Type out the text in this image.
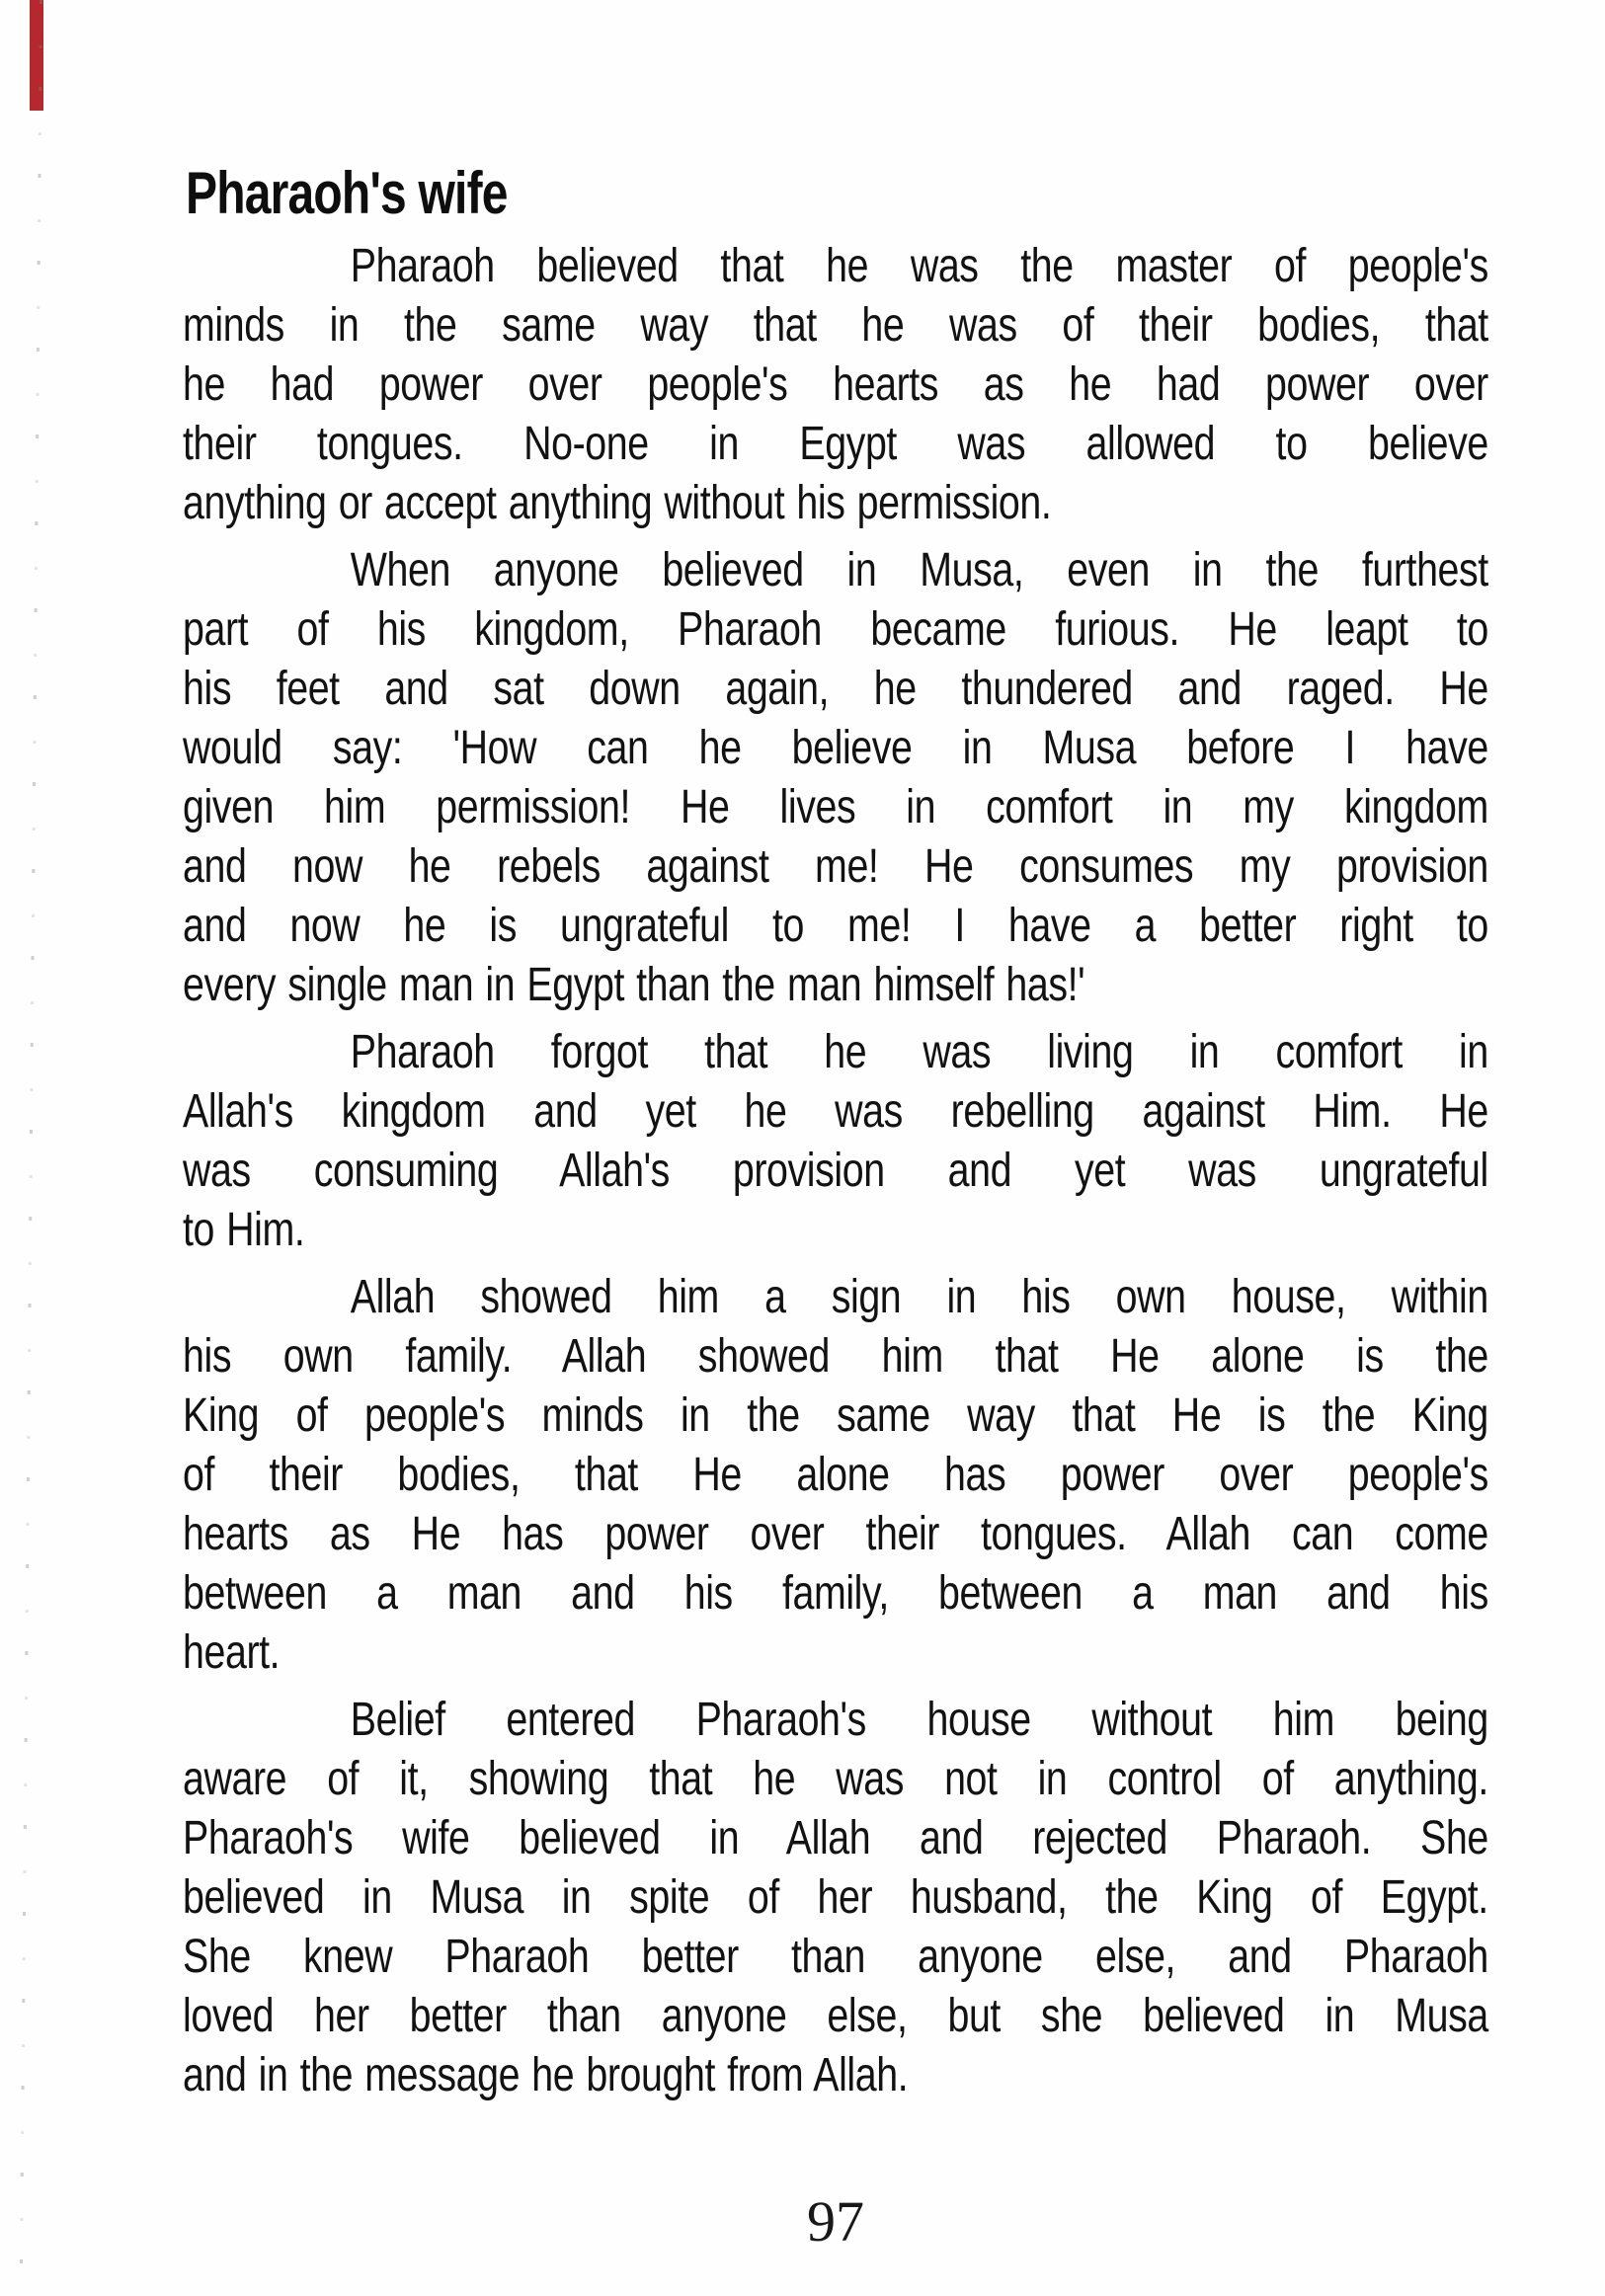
Pharaoh's wife
Pharaoh believed that he was the master of people's
minds in the same way that he was of their bodies, that
he had power over people's hearts as he had power over
their tongues. No-one in Egypt was allowed to believe
anything or accept anything without his permission.
When anyone believed in Musa, even in the furthest
part of his kingdom, Pharaoh became furious. He leapt to
his feet and sat down again, he thundered and raged. He
would say: 'How can he believe in Musa before I have
given him permission! He lives in comfort in my kingdom
and now he rebels against me! He consumes my provision
and now he is ungrateful to me! I have a better right to
every single man in Egypt than the man himself has!'
Pharaoh forgot that he was living in comfort in
Allah's kingdom and yet he was rebelling against Him. He
was consuming Allah's provision and yet was ungrateful
to Him.
Allah showed him a sign in his own house, within
his own family. Allah showed him that He alone is the
King of people's minds in the same way that He is the King
of their bodies, that He alone has power over people's
hearts as He has power over their tongues. Allah can come
between a man and his family, between a man and his
heart.
Belief entered Pharaoh's house without him being
aware of it, showing that he was not in control of anything.
Pharaoh's wife believed in Allah and rejected Pharaoh. She
believed in Musa in spite of her husband, the King of Egypt.
She knew Pharaoh better than anyone else, and Pharaoh
loved her better than anyone else, but she believed in Musa
and in the message he brought from Allah.
97
